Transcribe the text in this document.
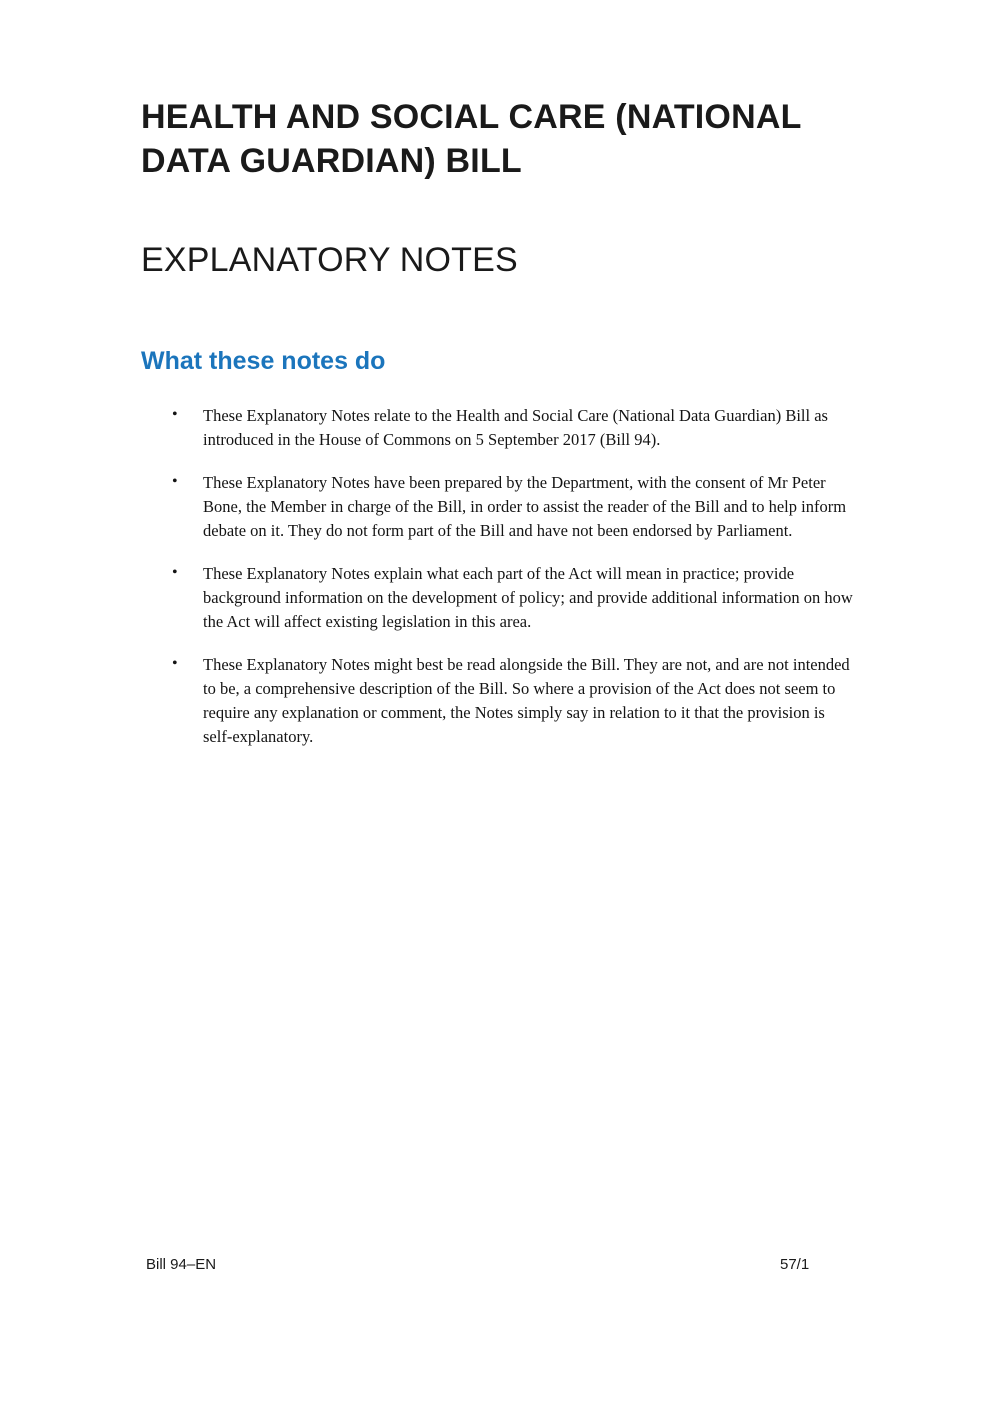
HEALTH AND SOCIAL CARE (NATIONAL
DATA GUARDIAN) BILL
EXPLANATORY NOTES
What these notes do
• These Explanatory Notes relate to the Health and Social Care (National Data Guardian) Bill as introduced in the House of Commons on 5 September 2017 (Bill 94).
• These Explanatory Notes have been prepared by the Department, with the consent of Mr Peter Bone, the Member in charge of the Bill, in order to assist the reader of the Bill and to help inform debate on it. They do not form part of the Bill and have not been endorsed by Parliament.
• These Explanatory Notes explain what each part of the Act will mean in practice; provide background information on the development of policy; and provide additional information on how the Act will affect existing legislation in this area.
• These Explanatory Notes might best be read alongside the Bill. They are not, and are not intended to be, a comprehensive description of the Bill. So where a provision of the Act does not seem to require any explanation or comment, the Notes simply say in relation to it that the provision is self-explanatory.
Bill 94–EN	57/1
